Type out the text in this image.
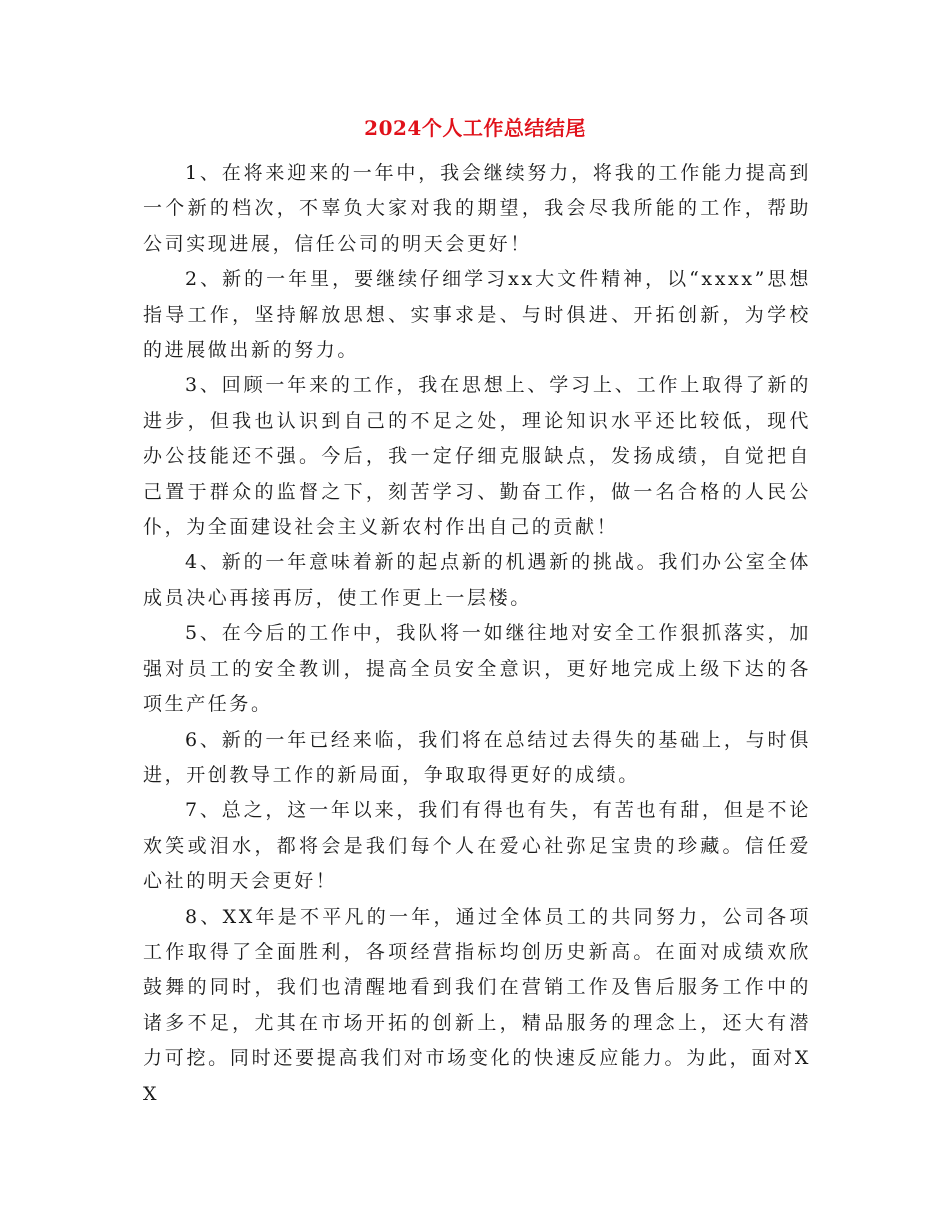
2024个人工作总结结尾

1、在将来迎来的一年中，我会继续努力，将我的工作能力提高到一个新的档次，不辜负大家对我的期望，我会尽我所能的工作，帮助公司实现进展，信任公司的明天会更好！

2、新的一年里，要继续仔细学习xx大文件精神，以“xxxx”思想指导工作，坚持解放思想、实事求是、与时俱进、开拓创新，为学校的进展做出新的努力。

3、回顾一年来的工作，我在思想上、学习上、工作上取得了新的进步，但我也认识到自己的不足之处，理论知识水平还比较低，现代办公技能还不强。今后，我一定仔细克服缺点，发扬成绩，自觉把自己置于群众的监督之下，刻苦学习、勤奋工作，做一名合格的人民公仆，为全面建设社会主义新农村作出自己的贡献！

4、新的一年意味着新的起点新的机遇新的挑战。我们办公室全体成员决心再接再厉，使工作更上一层楼。

5、在今后的工作中，我队将一如继往地对安全工作狠抓落实，加强对员工的安全教训，提高全员安全意识，更好地完成上级下达的各项生产任务。

6、新的一年已经来临，我们将在总结过去得失的基础上，与时俱进，开创教导工作的新局面，争取取得更好的成绩。

7、总之，这一年以来，我们有得也有失，有苦也有甜，但是不论欢笑或泪水，都将会是我们每个人在爱心社弥足宝贵的珍藏。信任爱心社的明天会更好！

8、XX年是不平凡的一年，通过全体员工的共同努力，公司各项工作取得了全面胜利，各项经营指标均创历史新高。在面对成绩欢欣鼓舞的同时，我们也清醒地看到我们在营销工作及售后服务工作中的诸多不足，尤其在市场开拓的创新上，精品服务的理念上，还大有潜力可挖。同时还要提高我们对市场变化的快速反应能力。为此，面对XX
